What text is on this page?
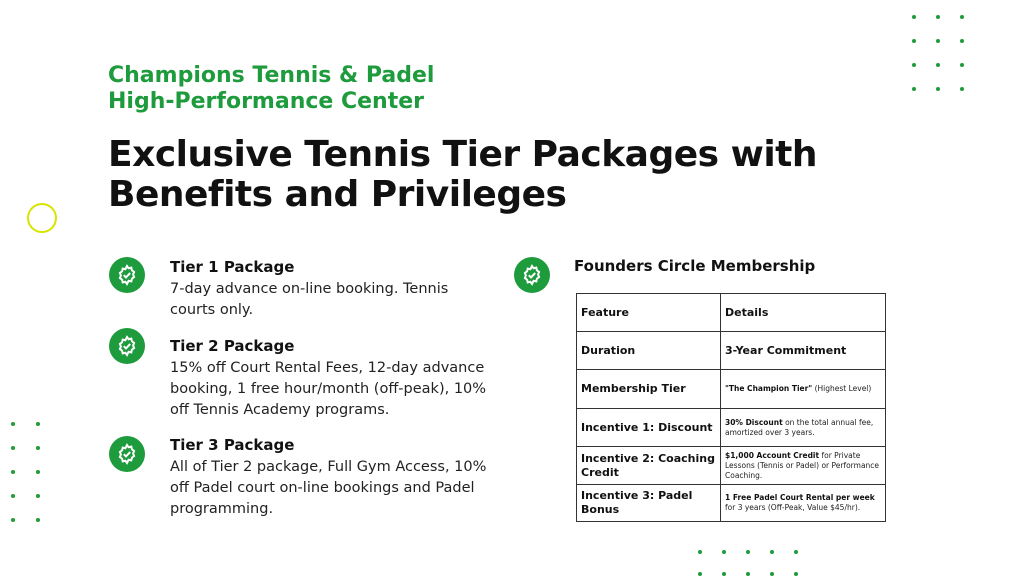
Champions Tennis & Padel
High-Performance Center
Exclusive Tennis Tier Packages with
Benefits and Privileges
Tier 1 Package

7-day advance on-line booking. Tennis
courts only.

Tier 2 Package

15% off Court Rental Fees, 12-day advance
booking, 1 free hour/month (off-peak), 10%
off Tennis Academy programs.

Tier 3 Package

All of Tier 2 package, Full Gym Access, 10%
off Padel court on-line bookings and Padel
programming.

Founders Circle Membership
Feature	Details
Duration	3-Year Commitment
Membership Tier	"The Champion Tier" (Highest Level)
Incentive 1: Discount	30% Discount on the total annual fee, amortized over 3 years.
Incentive 2: Coaching
Credit	$1,000 Account Credit for Private Lessons (Tennis or Padel) or Performance Coaching.
Incentive 3: Padel Bonus	1 Free Padel Court Rental per week for 3 years (Off-Peak, Value $45/hr).
